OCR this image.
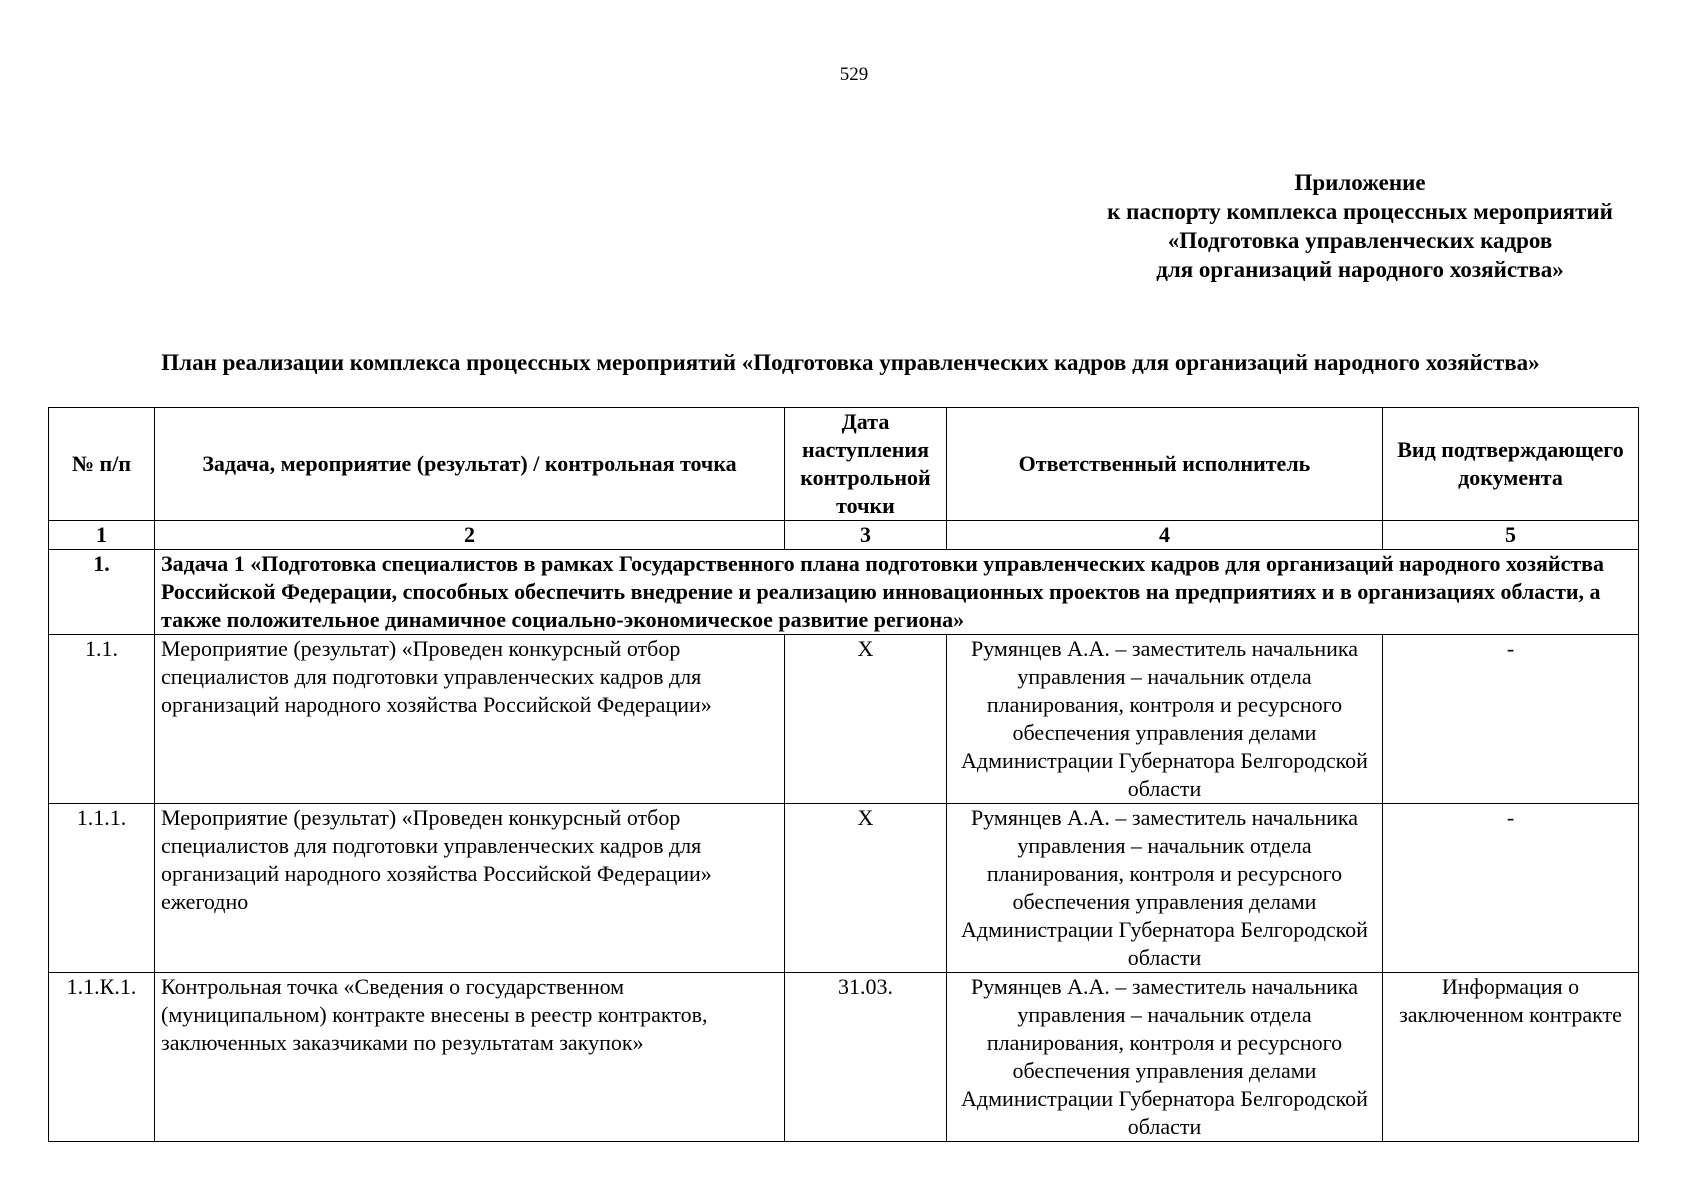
529
Приложение
к паспорту комплекса процессных мероприятий
«Подготовка управленческих кадров
для организаций народного хозяйства»
План реализации комплекса процессных мероприятий «Подготовка управленческих кадров для организаций народного хозяйства»
№ п/п	Задача, мероприятие (результат) / контрольная точка	Дата наступления контрольной точки	Ответственный исполнитель	Вид подтверждающего документа
1	2	3	4	5
1.	Задача 1 «Подготовка специалистов в рамках Государственного плана подготовки управленческих кадров для организаций народного хозяйства Российской Федерации, способных обеспечить внедрение и реализацию инновационных проектов на предприятиях и в организациях области, а также положительное динамичное социально-экономическое развитие региона»			
1.1.	Мероприятие (результат) «Проведен конкурсный отбор специалистов для подготовки управленческих кадров для организаций народного хозяйства Российской Федерации»	X	Румянцев А.А. – заместитель начальника управления – начальник отдела планирования, контроля и ресурсного обеспечения управления делами Администрации Губернатора Белгородской области	-
1.1.1.	Мероприятие (результат) «Проведен конкурсный отбор специалистов для подготовки управленческих кадров для организаций народного хозяйства Российской Федерации» ежегодно	X	Румянцев А.А. – заместитель начальника управления – начальник отдела планирования, контроля и ресурсного обеспечения управления делами Администрации Губернатора Белгородской области	-
1.1.К.1.	Контрольная точка «Сведения о государственном (муниципальном) контракте внесены в реестр контрактов, заключенных заказчиками по результатам закупок»	31.03.	Румянцев А.А. – заместитель начальника управления – начальник отдела планирования, контроля и ресурсного обеспечения управления делами Администрации Губернатора Белгородской области	Информация о заключенном контракте
